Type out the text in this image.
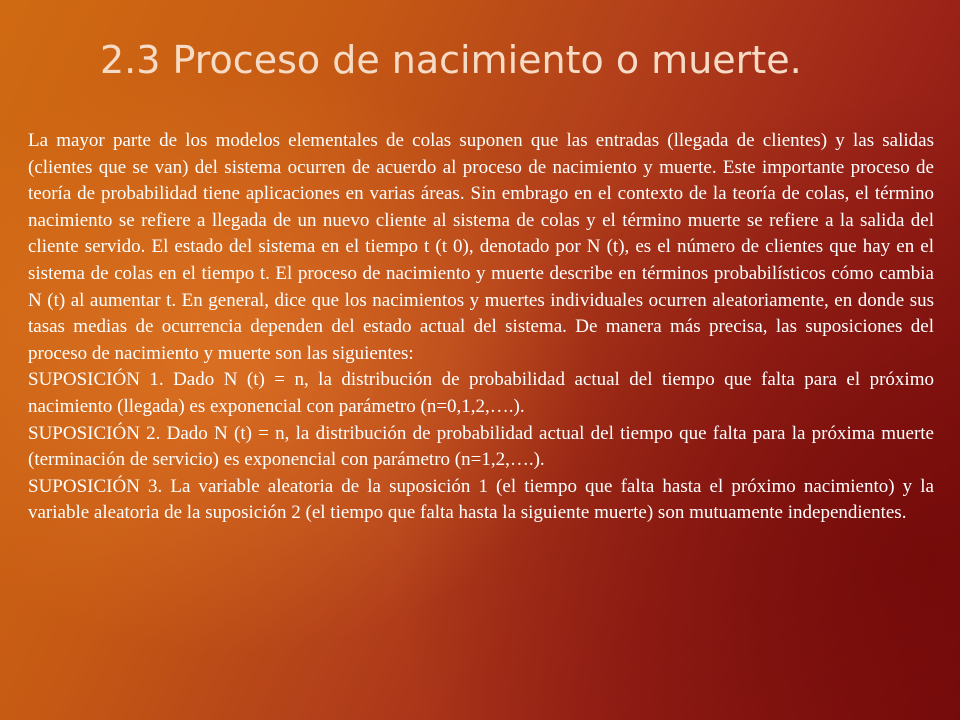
2.3 Proceso de nacimiento o muerte.

La mayor parte de los modelos elementales de colas suponen que las entradas (llegada de clientes) y las salidas (clientes que se van) del sistema ocurren de acuerdo al proceso de nacimiento y muerte. Este importante proceso de teoría de probabilidad tiene aplicaciones en varias áreas. Sin embrago en el contexto de la teoría de colas, el término nacimiento se refiere a llegada de un nuevo cliente al sistema de colas y el término muerte se refiere a la salida del cliente servido. El estado del sistema en el tiempo t (t 0), denotado por N (t), es el número de clientes que hay en el sistema de colas en el tiempo t. El proceso de nacimiento y muerte describe en términos probabilísticos cómo cambia N (t) al aumentar t. En general, dice que los nacimientos y muertes individuales ocurren aleatoriamente, en donde sus tasas medias de ocurrencia dependen del estado actual del sistema. De manera más precisa, las suposiciones del proceso de nacimiento y muerte son las siguientes:

SUPOSICIÓN 1. Dado N (t) = n, la distribución de probabilidad actual del tiempo que falta para el próximo nacimiento (llegada) es exponencial con parámetro (n=0,1,2,….).

SUPOSICIÓN 2. Dado N (t) = n, la distribución de probabilidad actual del tiempo que falta para la próxima muerte (terminación de servicio) es exponencial con parámetro (n=1,2,….).

SUPOSICIÓN 3. La variable aleatoria de la suposición 1 (el tiempo que falta hasta el próximo nacimiento) y la variable aleatoria de la suposición 2 (el tiempo que falta hasta la siguiente muerte) son mutuamente independientes.
